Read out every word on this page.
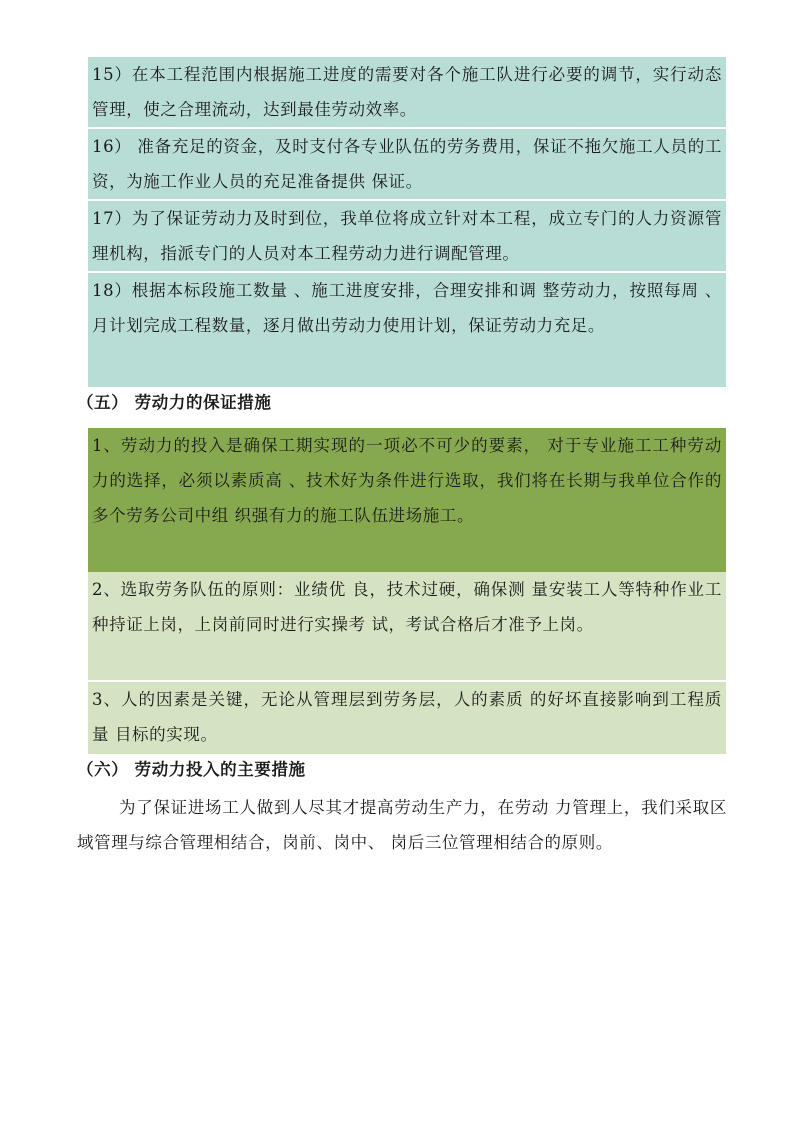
15）在本工程范围内根据施工进度的需要对各个施工队进行必要的调节，实行动态管理，使之合理流动，达到最佳劳动效率。
16） 准备充足的资金，及时支付各专业队伍的劳务费用，保证不拖欠施工人员的工资，为施工作业人员的充足准备提供 保证。
17）为了保证劳动力及时到位，我单位将成立针对本工程，成立专门的人力资源管理机构，指派专门的人员对本工程劳动力进行调配管理。
18）根据本标段施工数量 、施工进度安排，合理安排和调 整劳动力，按照每周 、月计划完成工程数量，逐月做出劳动力使用计划，保证劳动力充足。
（五） 劳动力的保证措施
1、劳动力的投入是确保工期实现的一项必不可少的要素， 对于专业施工工种劳动力的选择，必须以素质高 、技术好为条件进行选取，我们将在长期与我单位合作的多个劳务公司中组 织强有力的施工队伍进场施工。
2、选取劳务队伍的原则：业绩优 良，技术过硬，确保测 量安装工人等特种作业工种持证上岗，上岗前同时进行实操考 试，考试合格后才准予上岗。
3、人的因素是关键，无论从管理层到劳务层，人的素质 的好坏直接影响到工程质量 目标的实现。
（六） 劳动力投入的主要措施
为了保证进场工人做到人尽其才提高劳动生产力，在劳动 力管理上，我们采取区域管理与综合管理相结合，岗前、岗中、 岗后三位管理相结合的原则。
